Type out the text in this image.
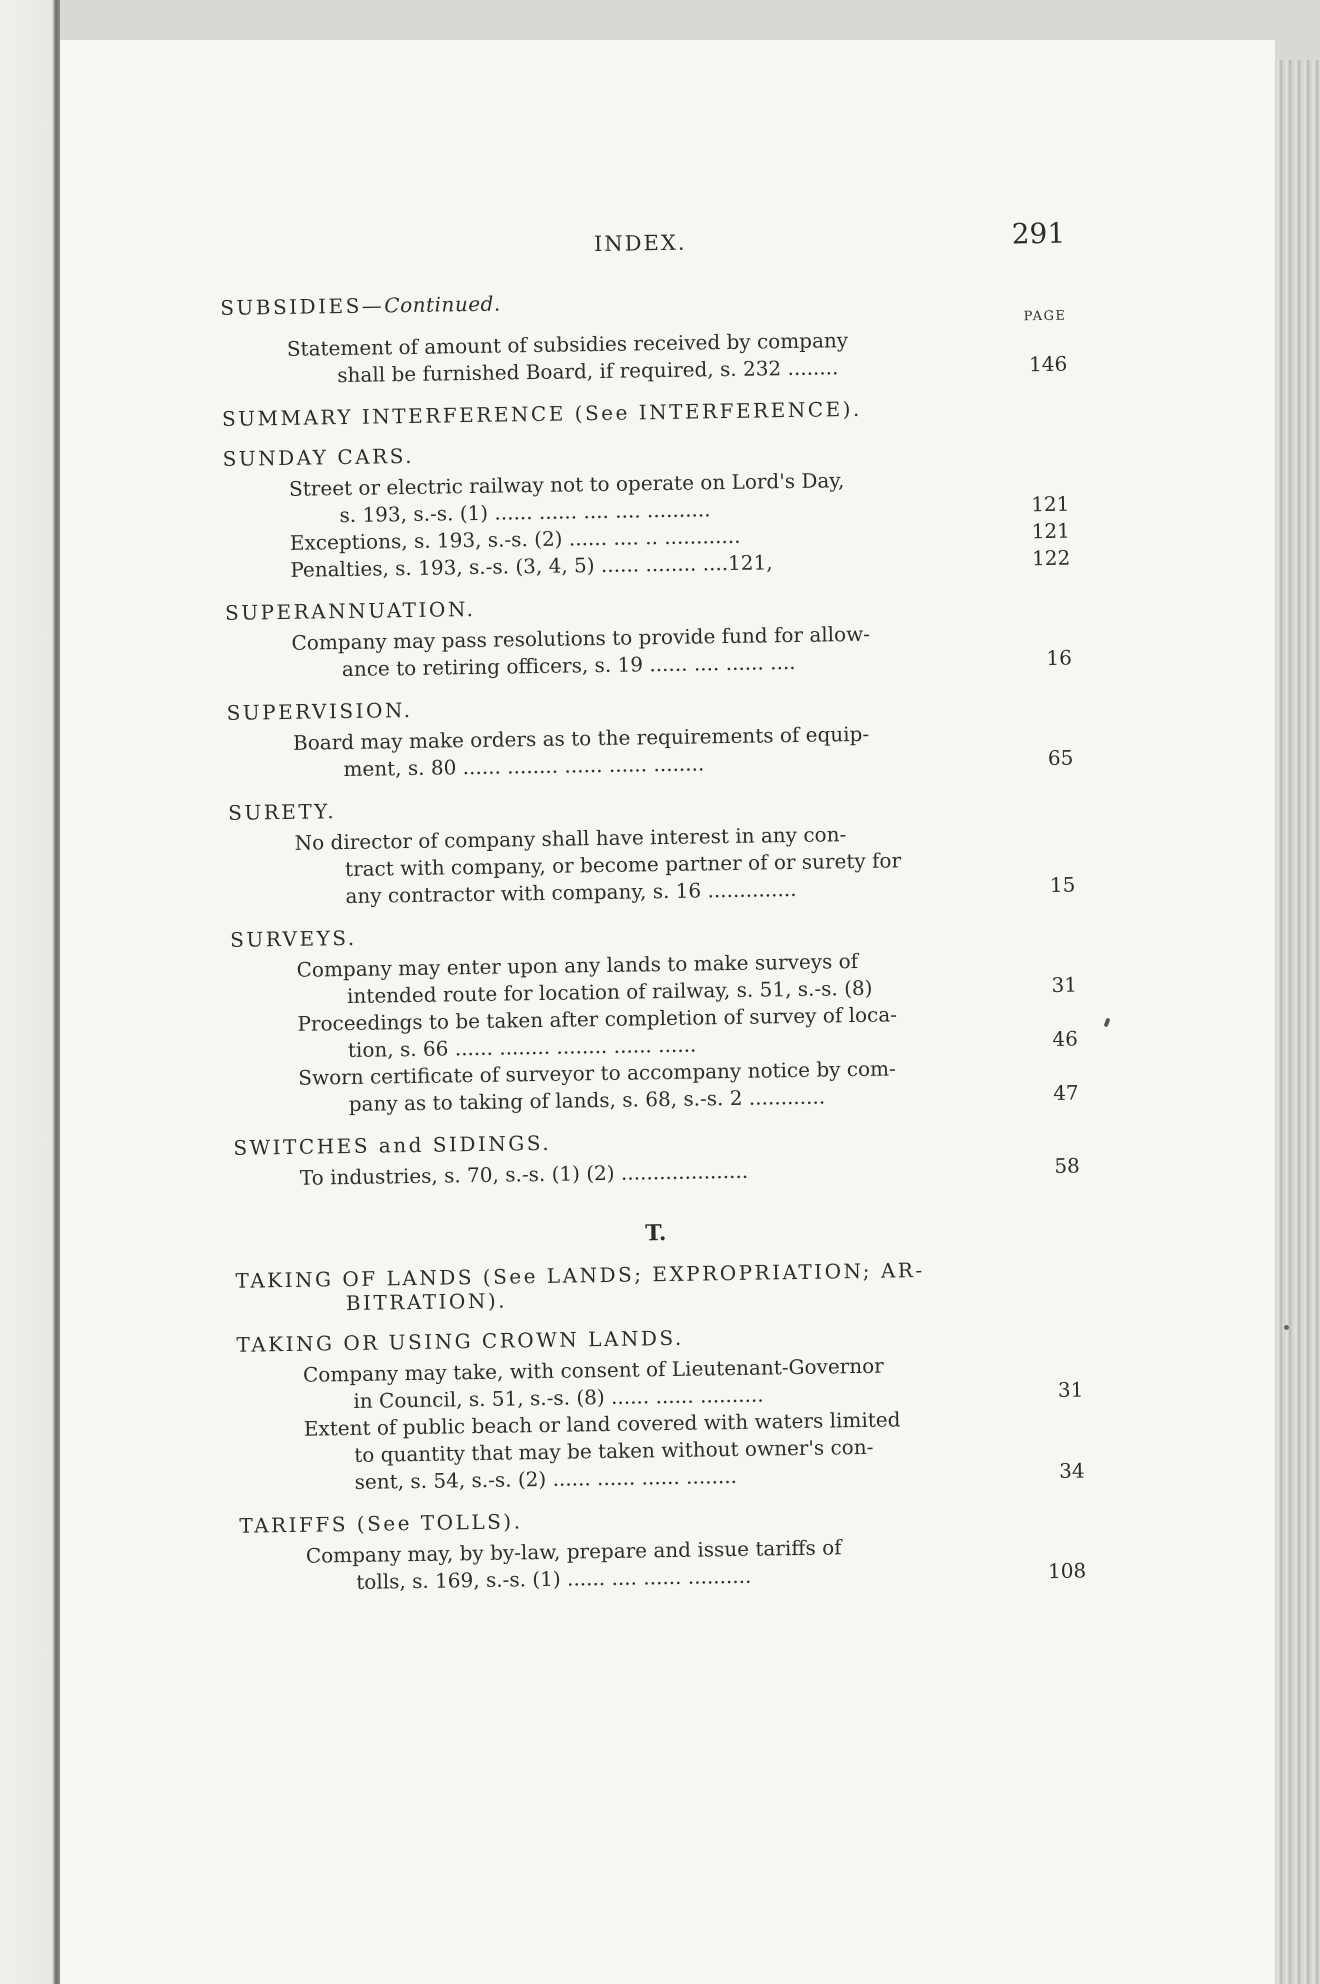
INDEX.	291
SUBSIDIES—Continued.	PAGE
Statement of amount of subsidies received by company
shall be furnished Board, if required, s. 232 ........	146
SUMMARY INTERFERENCE (See INTERFERENCE).
SUNDAY CARS.
Street or electric railway not to operate on Lord's Day,
s. 193, s.-s. (1) ...... ...... .... .... ..........	121
Exceptions, s. 193, s.-s. (2) ...... .... .. ............	121
Penalties, s. 193, s.-s. (3, 4, 5) ...... ........ ....121,	122
SUPERANNUATION.
Company may pass resolutions to provide fund for allow-
ance to retiring officers, s. 19 ...... .... ...... ....	16
SUPERVISION.
Board may make orders as to the requirements of equip-
ment, s. 80 ...... ........ ...... ...... ........	65
SURETY.
No director of company shall have interest in any con-
tract with company, or become partner of or surety for
any contractor with company, s. 16 ..............	15
SURVEYS.
Company may enter upon any lands to make surveys of
intended route for location of railway, s. 51, s.-s. (8)	31
Proceedings to be taken after completion of survey of loca-
tion, s. 66 ...... ........ ........ ...... ......	46
Sworn certificate of surveyor to accompany notice by com-
pany as to taking of lands, s. 68, s.-s. 2 ............	47
SWITCHES and SIDINGS.
To industries, s. 70, s.-s. (1) (2) ....................	58
T.
TAKING OF LANDS (See LANDS; EXPROPRIATION; AR-
BITRATION).
TAKING OR USING CROWN LANDS.
Company may take, with consent of Lieutenant-Governor
in Council, s. 51, s.-s. (8) ...... ...... ..........	31
Extent of public beach or land covered with waters limited
to quantity that may be taken without owner's con-
sent, s. 54, s.-s. (2) ...... ...... ...... ........	34
TARIFFS (See TOLLS).
Company may, by by-law, prepare and issue tariffs of
tolls, s. 169, s.-s. (1) ...... .... ...... ..........	108
